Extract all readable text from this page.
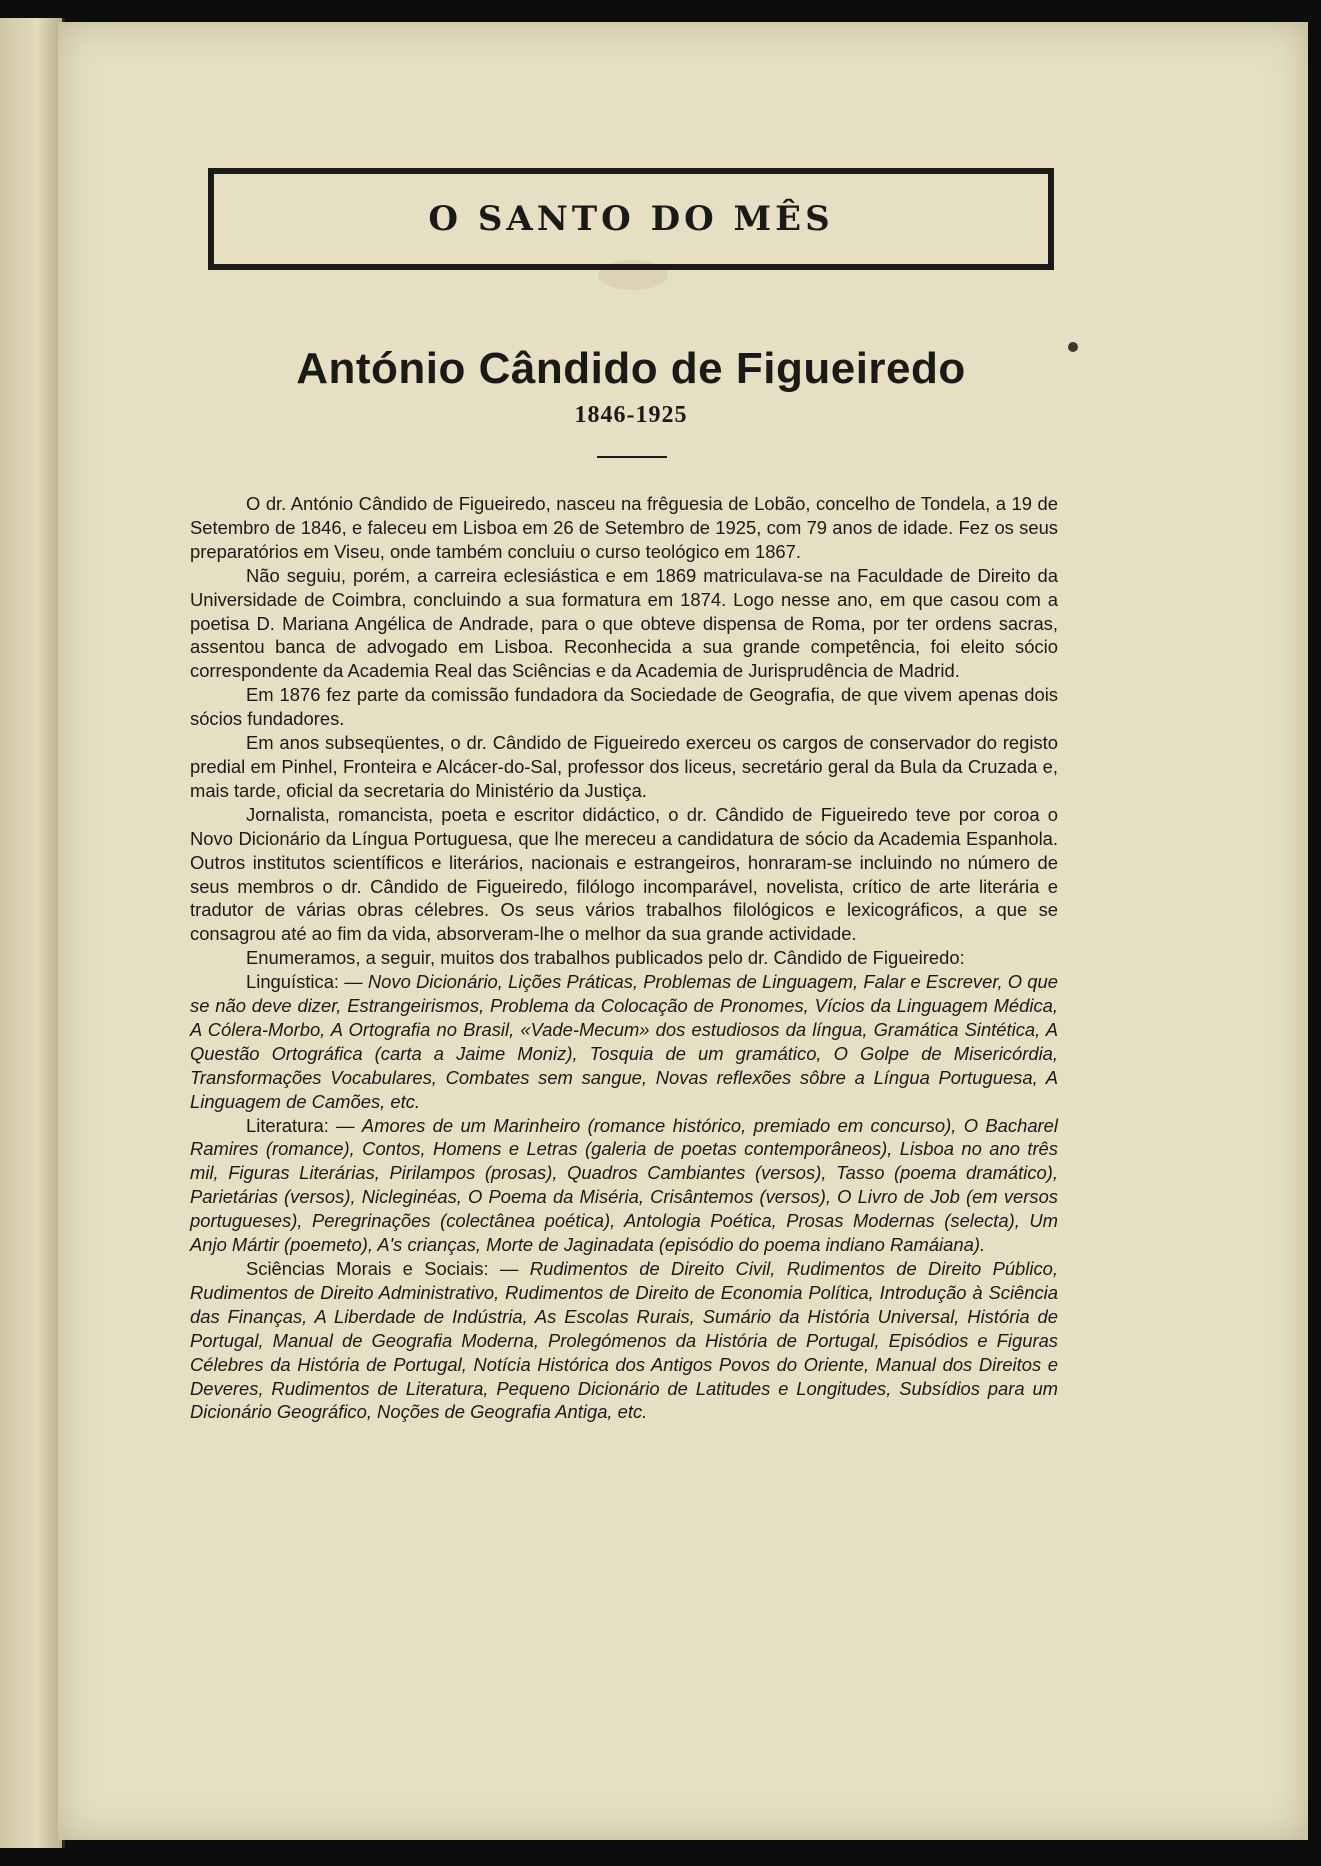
O SANTO DO MÊS
António Cândido de Figueiredo
1846-1925

O dr. António Cândido de Figueiredo, nasceu na frêguesia de Lobão, concelho de Tondela, a 19 de Setembro de 1846, e faleceu em Lisboa em 26 de Setembro de 1925, com 79 anos de idade. Fez os seus preparatórios em Viseu, onde também concluiu o curso teológico em 1867.

Não seguiu, porém, a carreira eclesiástica e em 1869 matriculava-se na Faculdade de Direito da Universidade de Coimbra, concluindo a sua formatura em 1874. Logo nesse ano, em que casou com a poetisa D. Mariana Angélica de Andrade, para o que obteve dispensa de Roma, por ter ordens sacras, assentou banca de advogado em Lisboa. Reconhecida a sua grande competência, foi eleito sócio correspondente da Academia Real das Sciências e da Academia de Jurisprudência de Madrid.

Em 1876 fez parte da comissão fundadora da Sociedade de Geografia, de que vivem apenas dois sócios fundadores.

Em anos subseqüentes, o dr. Cândido de Figueiredo exerceu os cargos de conservador do registo predial em Pinhel, Fronteira e Alcácer-do-Sal, professor dos liceus, secretário geral da Bula da Cruzada e, mais tarde, oficial da secretaria do Ministério da Justiça.

Jornalista, romancista, poeta e escritor didáctico, o dr. Cândido de Figueiredo teve por coroa o Novo Dicionário da Língua Portuguesa, que lhe mereceu a candidatura de sócio da Academia Espanhola. Outros institutos scientíficos e literários, nacionais e estrangeiros, honraram-se incluindo no número de seus membros o dr. Cândido de Figueiredo, filólogo incomparável, novelista, crítico de arte literária e tradutor de várias obras célebres. Os seus vários trabalhos filológicos e lexicográficos, a que se consagrou até ao fim da vida, absorveram-lhe o melhor da sua grande actividade.

Enumeramos, a seguir, muitos dos trabalhos publicados pelo dr. Cândido de Figueiredo:

Linguística: — Novo Dicionário, Lições Práticas, Problemas de Linguagem, Falar e Escrever, O que se não deve dizer, Estrangeirismos, Problema da Colocação de Pronomes, Vícios da Linguagem Médica, A Cólera-Morbo, A Ortografia no Brasil, «Vade-Mecum» dos estudiosos da língua, Gramática Sintética, A Questão Ortográfica (carta a Jaime Moniz), Tosquia de um gramático, O Golpe de Misericórdia, Transformações Vocabulares, Combates sem sangue, Novas reflexões sôbre a Língua Portuguesa, A Linguagem de Camões, etc.

Literatura: — Amores de um Marinheiro (romance histórico, premiado em concurso), O Bacharel Ramires (romance), Contos, Homens e Letras (galeria de poetas contemporâneos), Lisboa no ano três mil, Figuras Literárias, Pirilampos (prosas), Quadros Cambiantes (versos), Tasso (poema dramático), Parietárias (versos), Nicleginéas, O Poema da Miséria, Crisântemos (versos), O Livro de Job (em versos portugueses), Peregrinações (colectânea poética), Antologia Poética, Prosas Modernas (selecta), Um Anjo Mártir (poemeto), A's crianças, Morte de Jaginadata (episódio do poema indiano Ramáiana).

Sciências Morais e Sociais: — Rudimentos de Direito Civil, Rudimentos de Direito Público, Rudimentos de Direito Administrativo, Rudimentos de Direito de Economia Política, Introdução à Sciência das Finanças, A Liberdade de Indústria, As Escolas Rurais, Sumário da História Universal, História de Portugal, Manual de Geografia Moderna, Prolegómenos da História de Portugal, Episódios e Figuras Célebres da História de Portugal, Notícia Histórica dos Antigos Povos do Oriente, Manual dos Direitos e Deveres, Rudimentos de Literatura, Pequeno Dicionário de Latitudes e Longitudes, Subsídios para um Dicionário Geográfico, Noções de Geografia Antiga, etc.
